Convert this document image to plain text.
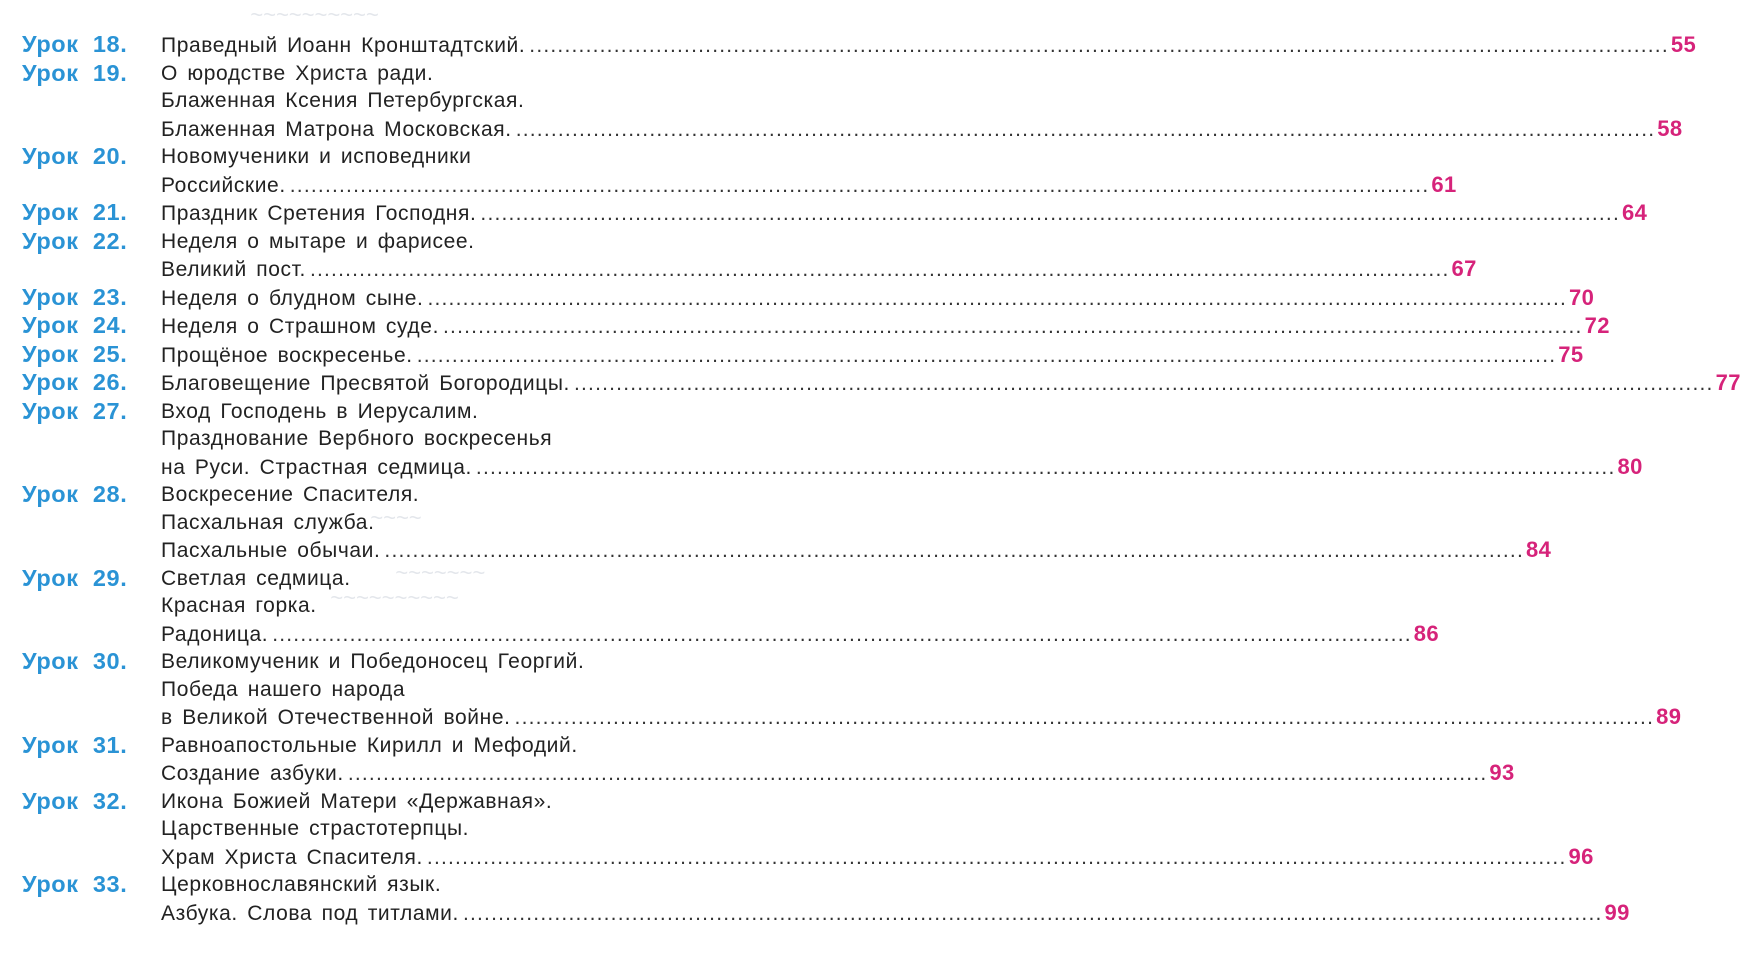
~~~~~~~~~~
~~~~
~~~~~~~
~~~~~~~~~~
Урок 18.	Праведный Иоанн Кронштадтский. .....	55
Урок 19.	О юродстве Христа ради.
Блаженная Ксения Петербургская.
Блаженная Матрона Московская. .....	58
Урок 20.	Новомученики и исповедники
Российские. .....	61
Урок 21.	Праздник Сретения Господня. .....	64
Урок 22.	Неделя о мытаре и фарисее.
Великий пост. .....	67
Урок 23.	Неделя о блудном сыне. .....	70
Урок 24.	Неделя о Страшном суде. .....	72
Урок 25.	Прощёное воскресенье. .....	75
Урок 26.	Благовещение Пресвятой Богородицы. .....	77
Урок 27.	Вход Господень в Иерусалим.
Празднование Вербного воскресенья
на Руси. Страстная седмица. .....	80
Урок 28.	Воскресение Спасителя.
Пасхальная служба.
Пасхальные обычаи. .....	84
Урок 29.	Светлая седмица.
Красная горка.
Радоница. .....	86
Урок 30.	Великомученик и Победоносец Георгий.
Победа нашего народа
в Великой Отечественной войне. .....	89
Урок 31.	Равноапостольные Кирилл и Мефодий.
Создание азбуки. .....	93
Урок 32.	Икона Божией Матери «Державная».
Царственные страстотерпцы.
Храм Христа Спасителя. .....	96
Урок 33.	Церковнославянский язык.
Азбука. Слова под титлами. .....	99
